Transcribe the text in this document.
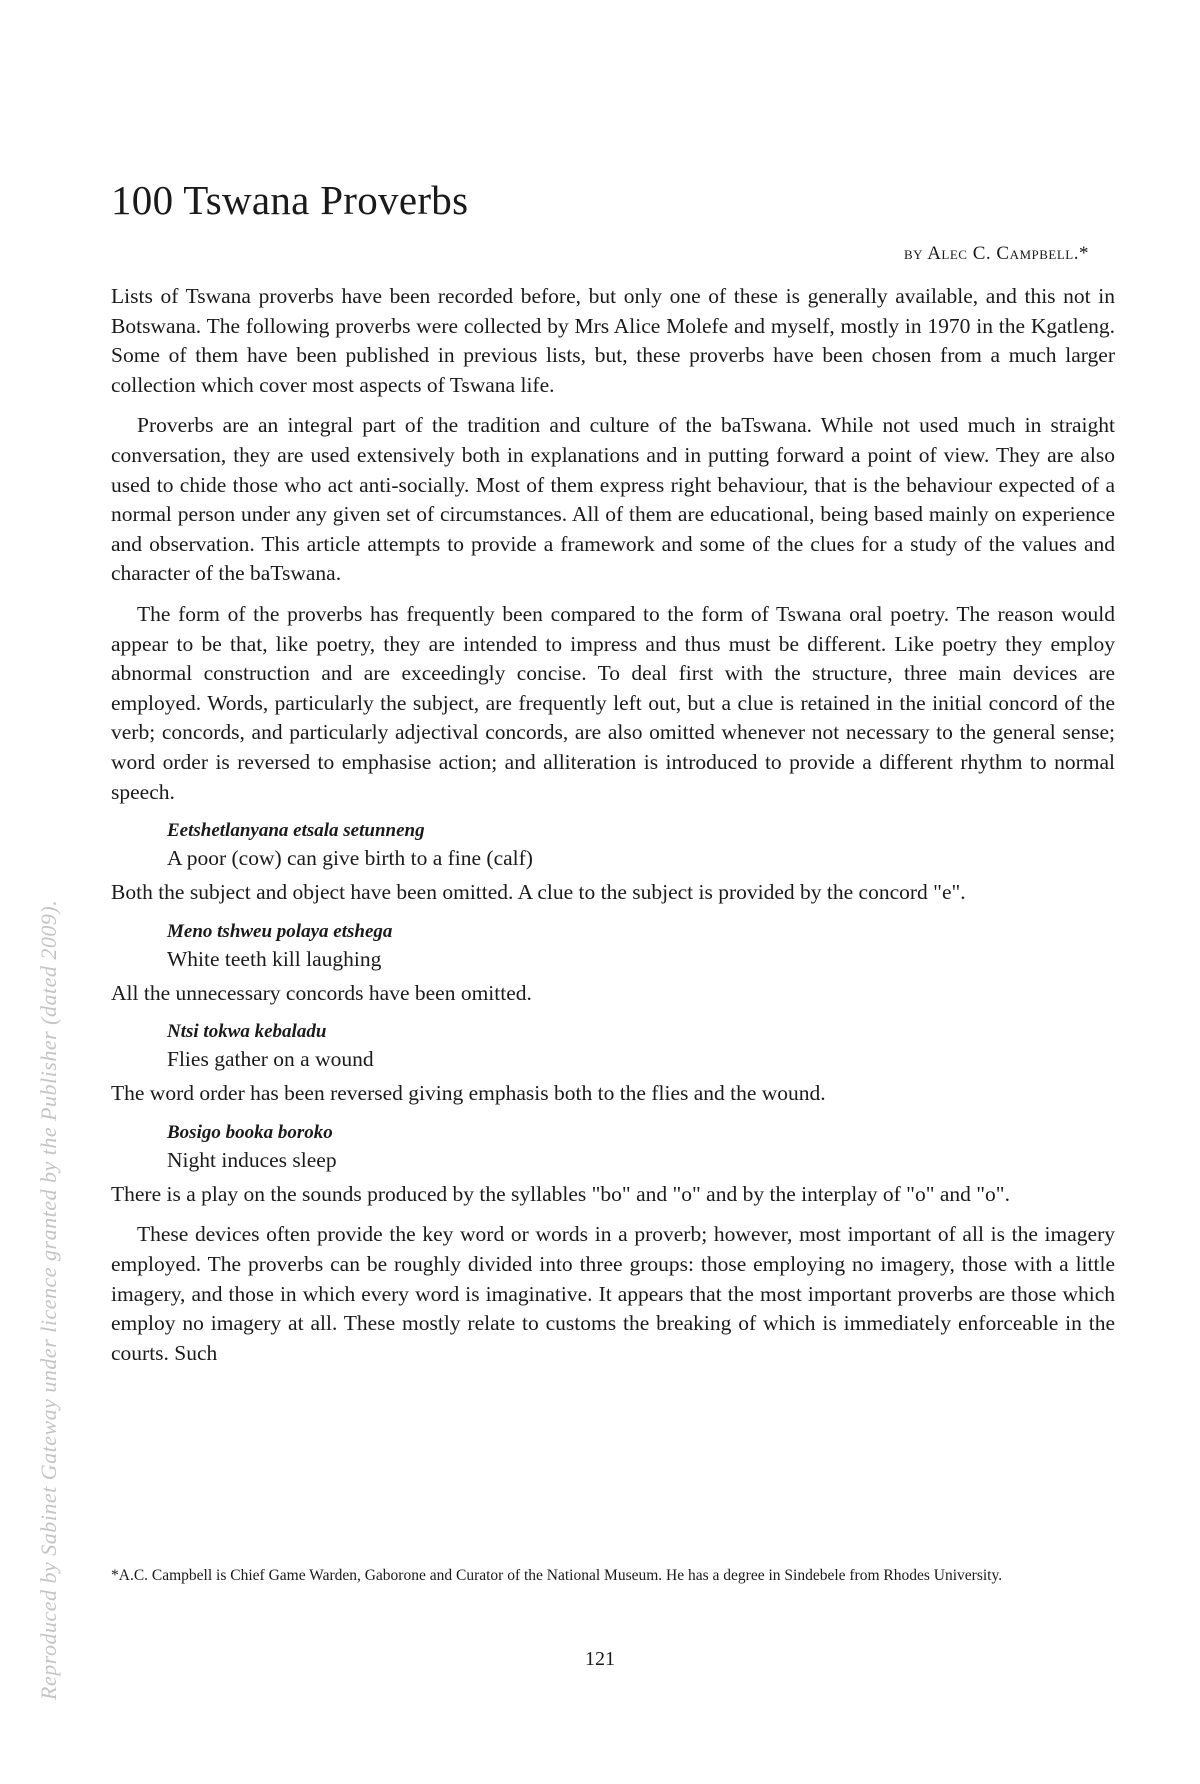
100 Tswana Proverbs
by Alec C. Campbell.*

Lists of Tswana proverbs have been recorded before, but only one of these is generally available, and this not in Botswana. The following proverbs were collected by Mrs Alice Molefe and myself, mostly in 1970 in the Kgatleng. Some of them have been published in previous lists, but, these proverbs have been chosen from a much larger collection which cover most aspects of Tswana life.

Proverbs are an integral part of the tradition and culture of the baTswana. While not used much in straight conversation, they are used extensively both in explanations and in putting forward a point of view. They are also used to chide those who act anti-socially. Most of them express right behaviour, that is the behaviour expected of a normal person under any given set of circumstances. All of them are educational, being based mainly on experience and observation. This article attempts to provide a framework and some of the clues for a study of the values and character of the baTswana.

The form of the proverbs has frequently been compared to the form of Tswana oral poetry. The reason would appear to be that, like poetry, they are intended to impress and thus must be different. Like poetry they employ abnormal construction and are exceedingly concise. To deal first with the structure, three main devices are employed. Words, particularly the subject, are frequently left out, but a clue is retained in the initial concord of the verb; concords, and particularly adjectival concords, are also omitted whenever not necessary to the general sense; word order is reversed to emphasise action; and alliteration is introduced to provide a different rhythm to normal speech.

Eetshetlanyana etsala setunneng
A poor (cow) can give birth to a fine (calf)

Both the subject and object have been omitted. A clue to the subject is provided by the concord "e".

Meno tshweu polaya etshega
White teeth kill laughing

All the unnecessary concords have been omitted.

Ntsi tokwa kebaladu
Flies gather on a wound

The word order has been reversed giving emphasis both to the flies and the wound.

Bosigo booka boroko
Night induces sleep

There is a play on the sounds produced by the syllables "bo" and "o" and by the interplay of "o" and "o".

These devices often provide the key word or words in a proverb; however, most important of all is the imagery employed. The proverbs can be roughly divided into three groups: those employing no imagery, those with a little imagery, and those in which every word is imaginative. It appears that the most important proverbs are those which employ no imagery at all. These mostly relate to customs the breaking of which is immediately enforceable in the courts. Such

*A.C. Campbell is Chief Game Warden, Gaborone and Curator of the National Museum. He has a degree in Sindebele from Rhodes University.
121
Reproduced by Sabinet Gateway under licence granted by the Publisher (dated 2009).
